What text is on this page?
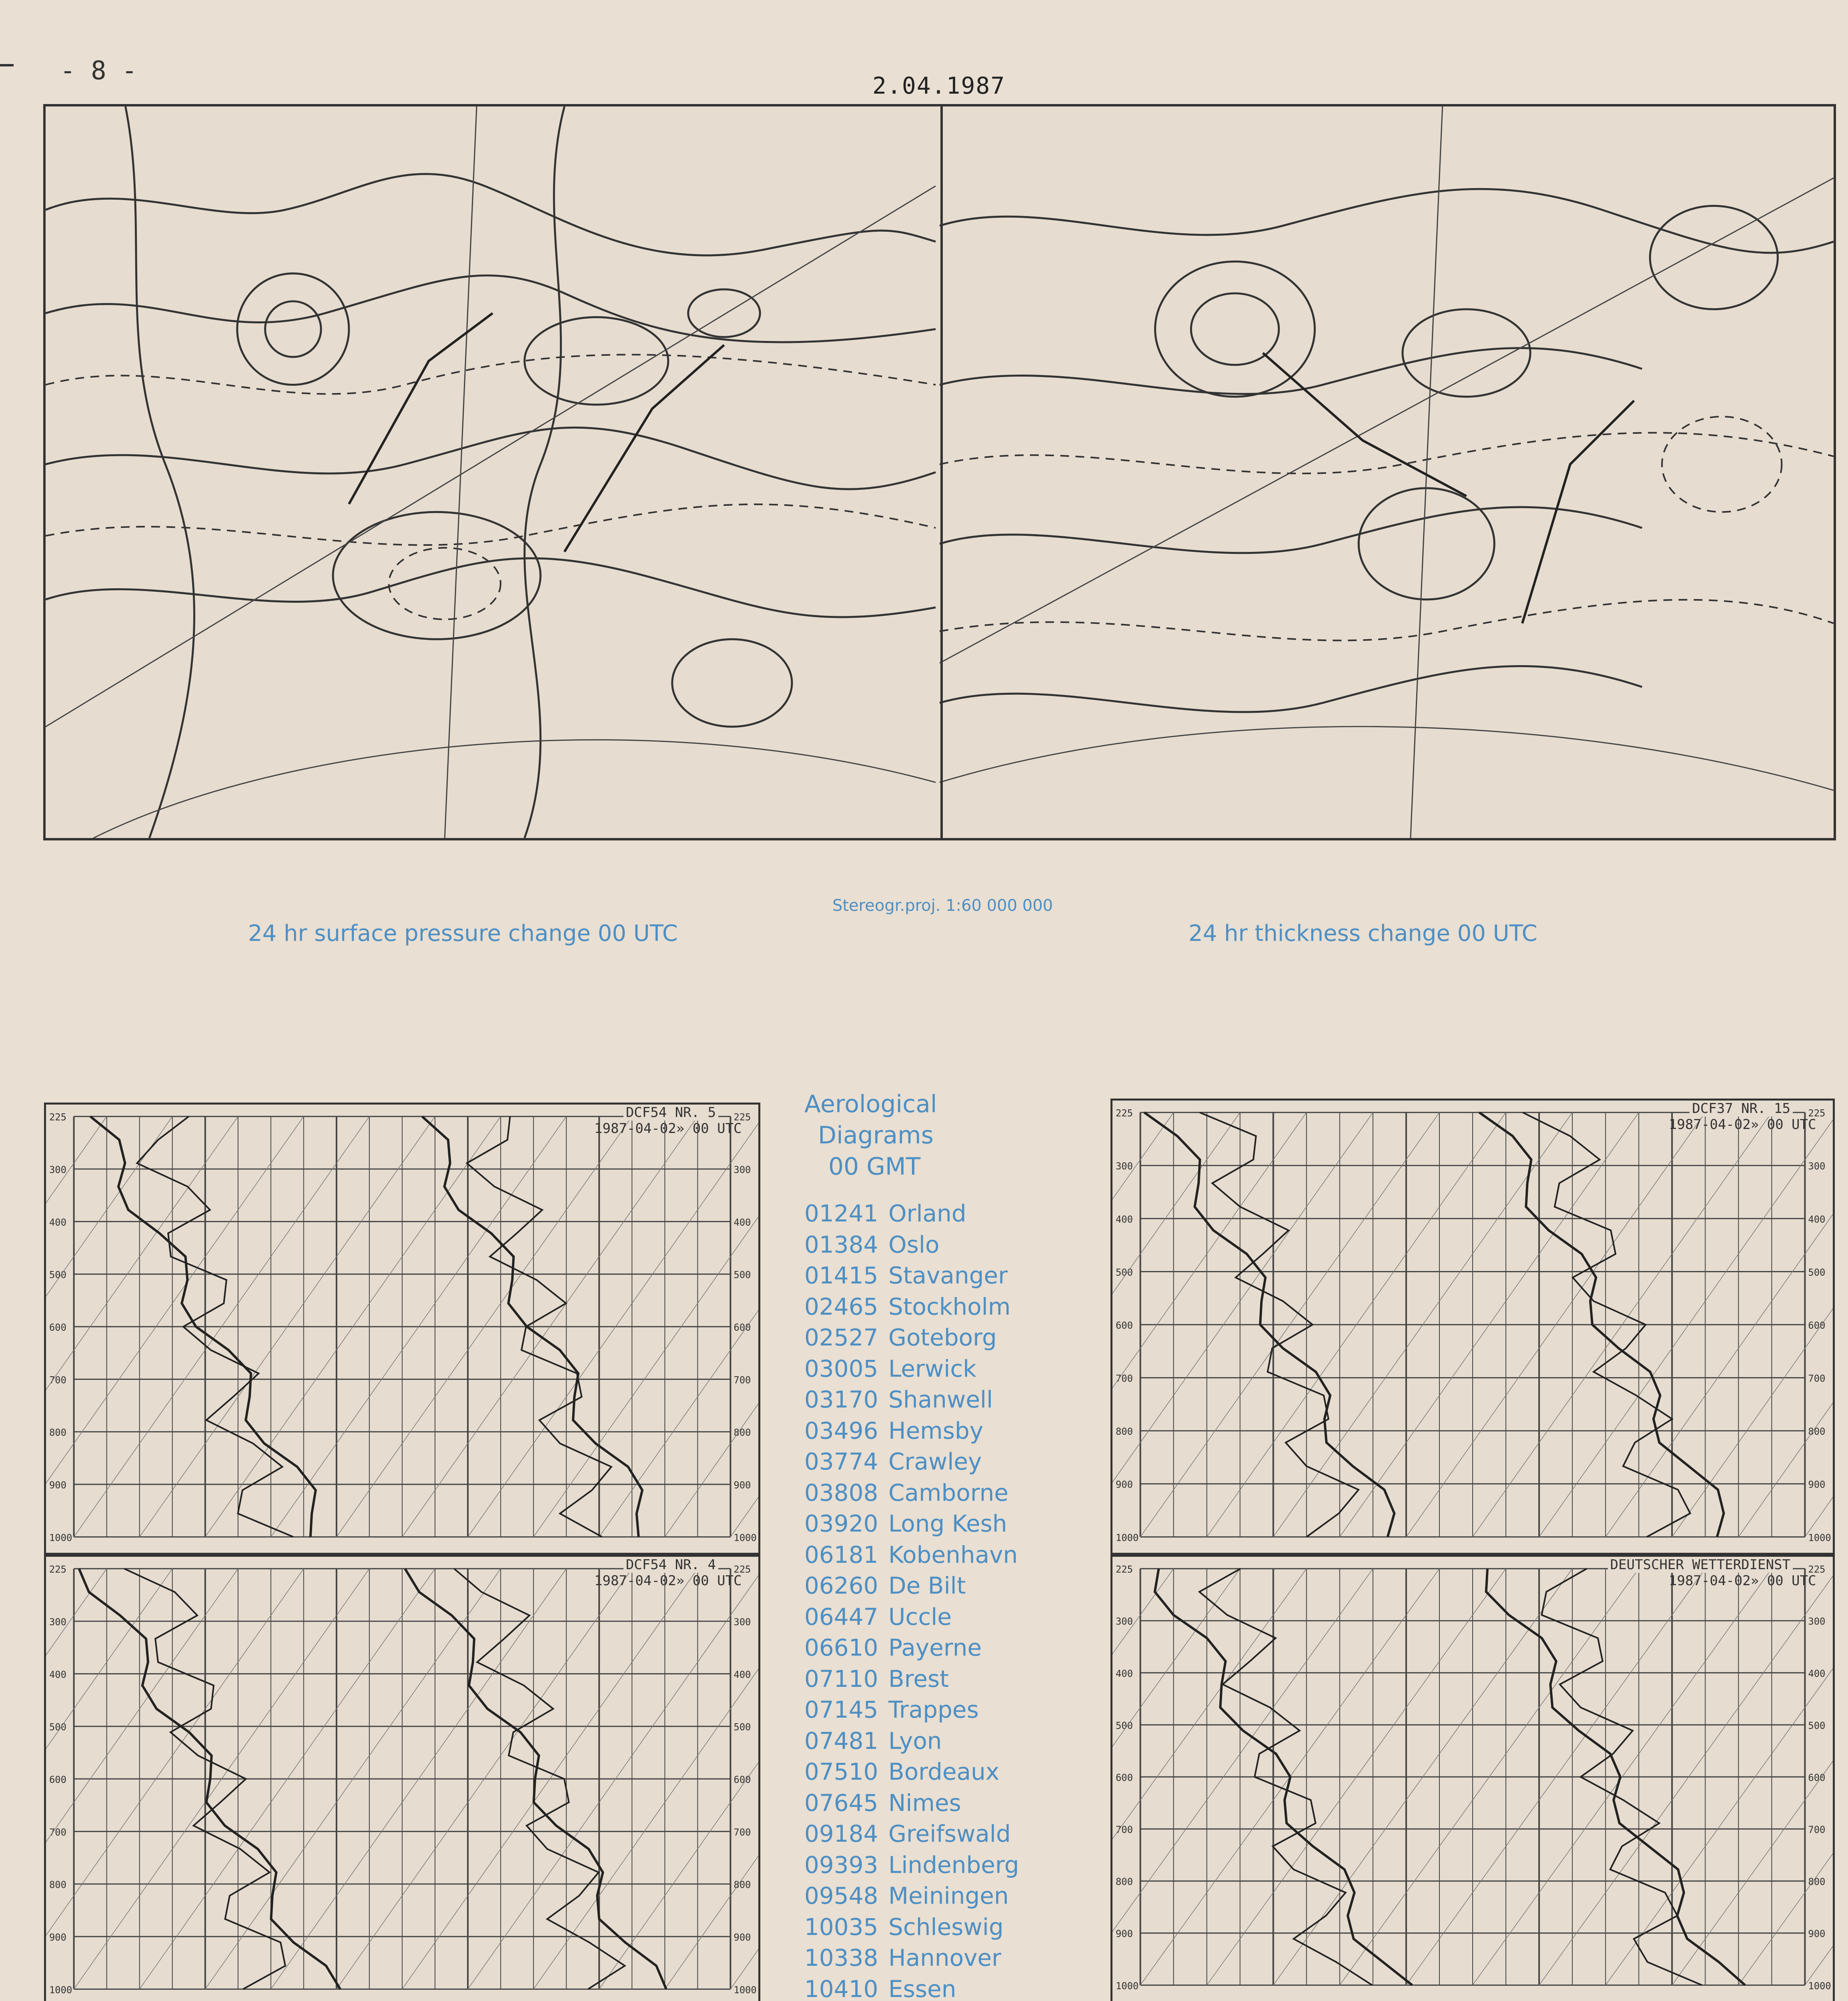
- 8 -	2.04.1987
Stereogr.proj. 1:60 000 000
24 hr surface pressure change 00 UTC	24 hr thickness change 00 UTC
225	225
300	300
400	400
500	500
600	600
700	700
800	800
900	900
1000	1000
DCF54 NR. 5
1987-04-02» 00 UTC
225	225
300	300
400	400
500	500
600	600
700	700
800	800
900	900
1000	1000
DCF54 NR. 4
1987-04-02» 00 UTC
Aerological
Diagrams
00 GMT
01241 Orland
01384 Oslo
01415 Stavanger
02465 Stockholm
02527 Goteborg
03005 Lerwick
03170 Shanwell
03496 Hemsby
03774 Crawley
03808 Camborne
03920 Long Kesh
06181 Kobenhavn
06260 De Bilt
06447 Uccle
06610 Payerne
07110 Brest
07145 Trappes
07481 Lyon
07510 Bordeaux
07645 Nimes
09184 Greifswald
09393 Lindenberg
09548 Meiningen
10035 Schleswig
10338 Hannover
10410 Essen
225	225
300	300
400	400
500	500
600	600
700	700
800	800
900	900
1000	1000
DCF37 NR. 15
1987-04-02» 00 UTC
225	225
300	300
400	400
500	500
600	600
700	700
800	800
900	900
1000	1000
DEUTSCHER WETTERDIENST
1987-04-02» 00 UTC
